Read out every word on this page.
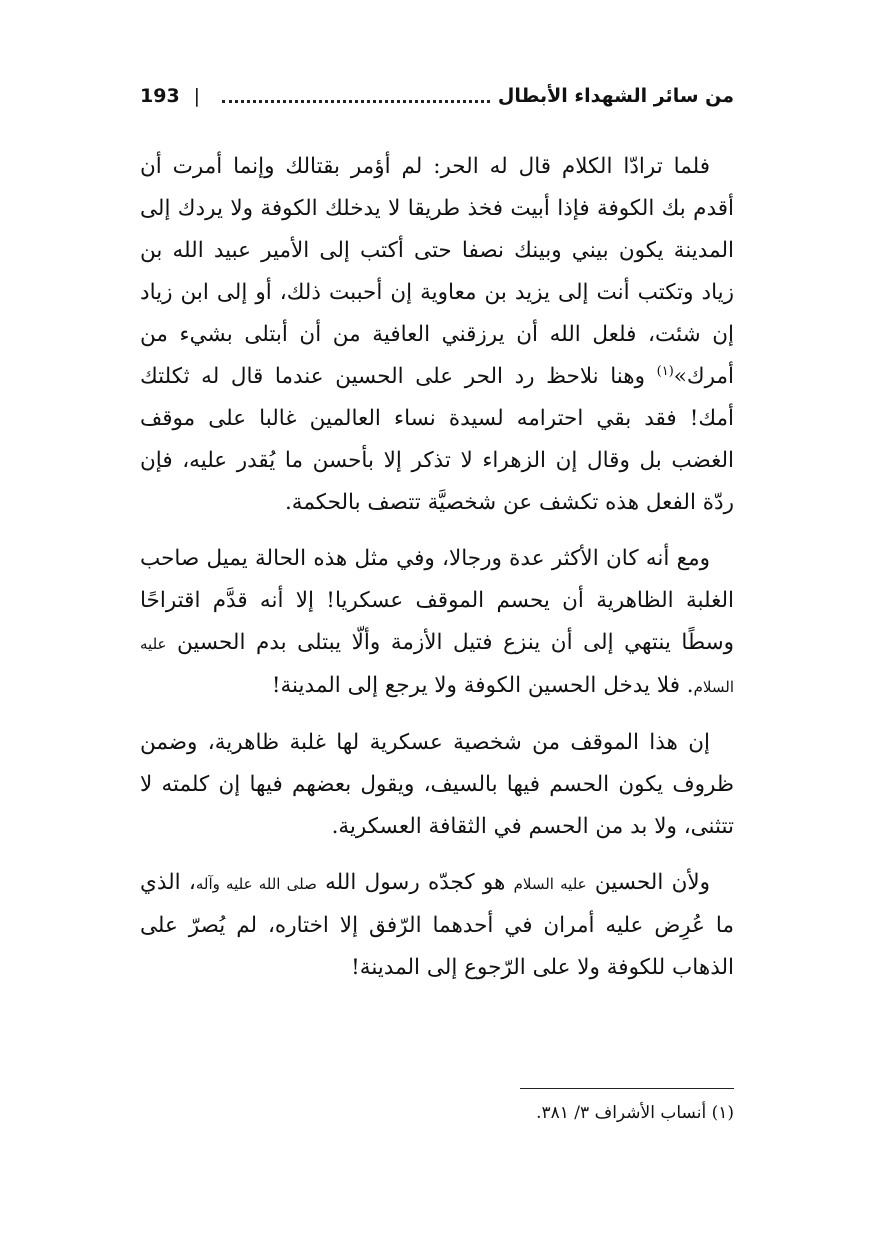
من سائر الشهداء الأبطال
|
193

فلما ترادّا الكلام قال له الحر: لم أؤمر بقتالك وإنما أمرت أن أقدم بك الكوفة فإذا أبيت فخذ طريقا لا يدخلك الكوفة ولا يردك إلى المدينة يكون بيني وبينك نصفا حتى أكتب إلى الأمير عبيد الله بن زياد وتكتب أنت إلى يزيد بن معاوية إن أحببت ذلك، أو إلى ابن زياد إن شئت، فلعل الله أن يرزقني العافية من أن أبتلى بشيء من أمرك»$^{(١)}$ وهنا نلاحظ رد الحر على الحسين عندما قال له ثكلتك أمك! فقد بقي احترامه لسيدة نساء العالمين غالبا على موقف الغضب بل وقال إن الزهراء لا تذكر إلا بأحسن ما يُقدر عليه، فإن ردّة الفعل هذه تكشف عن شخصيَّة تتصف بالحكمة.

ومع أنه كان الأكثر عدة ورجالا، وفي مثل هذه الحالة يميل صاحب الغلبة الظاهرية أن يحسم الموقف عسكريا! إلا أنه قدَّم اقتراحًا وسطًا ينتهي إلى أن ينزع فتيل الأزمة وألّا يبتلى بدم الحسين عليه السلام. فلا يدخل الحسين الكوفة ولا يرجع إلى المدينة!

إن هذا الموقف من شخصية عسكرية لها غلبة ظاهرية، وضمن ظروف يكون الحسم فيها بالسيف، ويقول بعضهم فيها إن كلمته لا تتثنى، ولا بد من الحسم في الثقافة العسكرية.

ولأن الحسين عليه السلام هو كجدّه رسول الله صلى الله عليه وآله، الذي ما عُرِض عليه أمران في أحدهما الرّفق إلا اختاره، لم يُصرّ على الذهاب للكوفة ولا على الرّجوع إلى المدينة!

(١) أنساب الأشراف ٣/ ٣٨١.
